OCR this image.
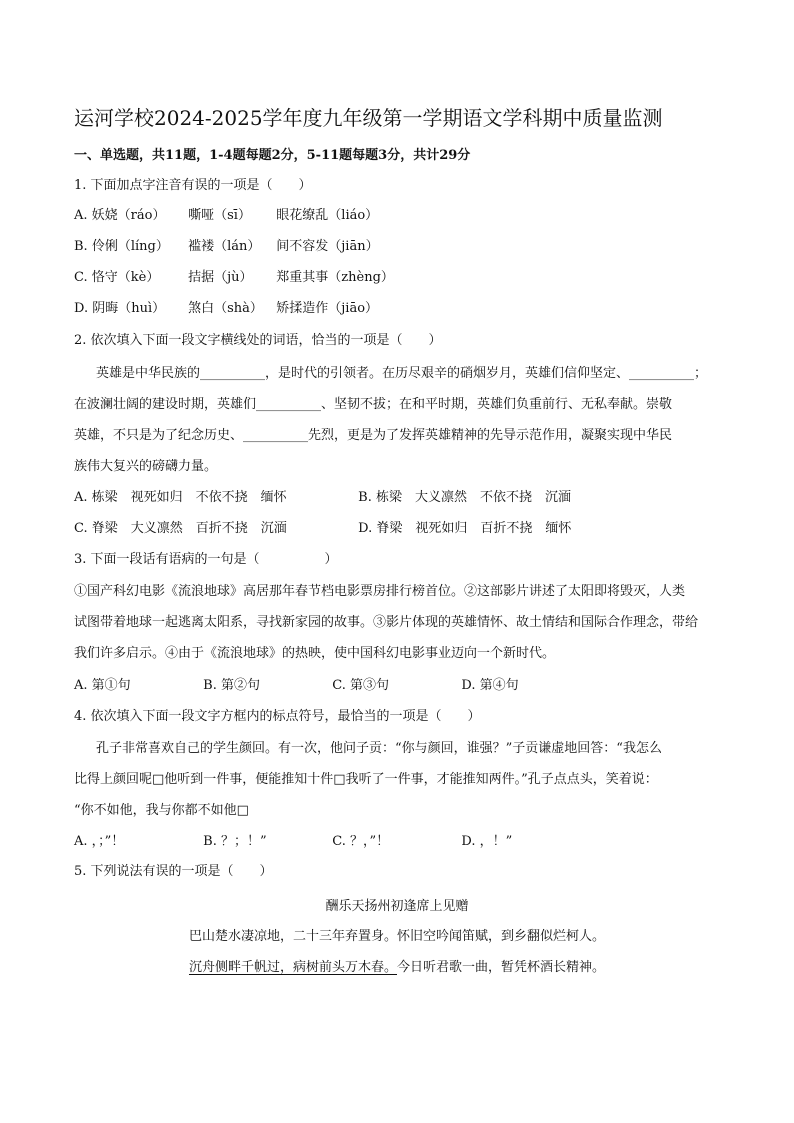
运河学校2024-2025学年度九年级第一学期语文学科期中质量监测
一、单选题，共11题，1-4题每题2分，5-11题每题3分，共计29分
1. 下面加点字注音有误的一项是（　　）
A. 妖娆（ráo） 嘶哑（sī） 眼花缭乱（liáo）
B. 伶俐（líng） 褴褛（lán） 间不容发（jiān）
C. 恪守（kè） 拮据（jù） 郑重其事（zhèng）
D. 阴晦（huì） 煞白（shà） 矫揉造作（jiāo）
2. 依次填入下面一段文字横线处的词语，恰当的一项是（　　）
英雄是中华民族的__________，是时代的引领者。在历尽艰辛的硝烟岁月，英雄们信仰坚定、__________；
在波澜壮阔的建设时期，英雄们__________、坚韧不拔；在和平时期，英雄们负重前行、无私奉献。崇敬
英雄，不只是为了纪念历史、__________先烈，更是为了发挥英雄精神的先导示范作用，凝聚实现中华民
族伟大复兴的磅礴力量。
A. 栋梁　视死如归　不依不挠　缅怀	B. 栋梁　大义凛然　不依不挠　沉湎
C. 脊梁　大义凛然　百折不挠　沉湎	D. 脊梁　视死如归　百折不挠　缅怀
3. 下面一段话有语病的一句是（　　　　　）
①国产科幻电影《流浪地球》高居那年春节档电影票房排行榜首位。②这部影片讲述了太阳即将毁灭，人类
试图带着地球一起逃离太阳系，寻找新家园的故事。③影片体现的英雄情怀、故土情结和国际合作理念，带给
我们许多启示。④由于《流浪地球》的热映，使中国科幻电影事业迈向一个新时代。
A. 第①句	B. 第②句	C. 第③句	D. 第④句
4. 依次填入下面一段文字方框内的标点符号，最恰当的一项是（　　）
孔子非常喜欢自己的学生颜回。有一次，他问子贡：“你与颜回，谁强？”子贡谦虚地回答：“我怎么
比得上颜回呢□他听到一件事，便能推知十件□我听了一件事，才能推知两件。”孔子点点头，笑着说：
“你不如他，我与你都不如他□
A. ，；”！	B. ？；！”	C. ？，”！	D. ，！”
5. 下列说法有误的一项是（　　）
酬乐天扬州初逢席上见赠
巴山楚水凄凉地，二十三年弃置身。怀旧空吟闻笛赋，到乡翻似烂柯人。
沉舟侧畔千帆过，病树前头万木春。今日听君歌一曲，暂凭杯酒长精神。
